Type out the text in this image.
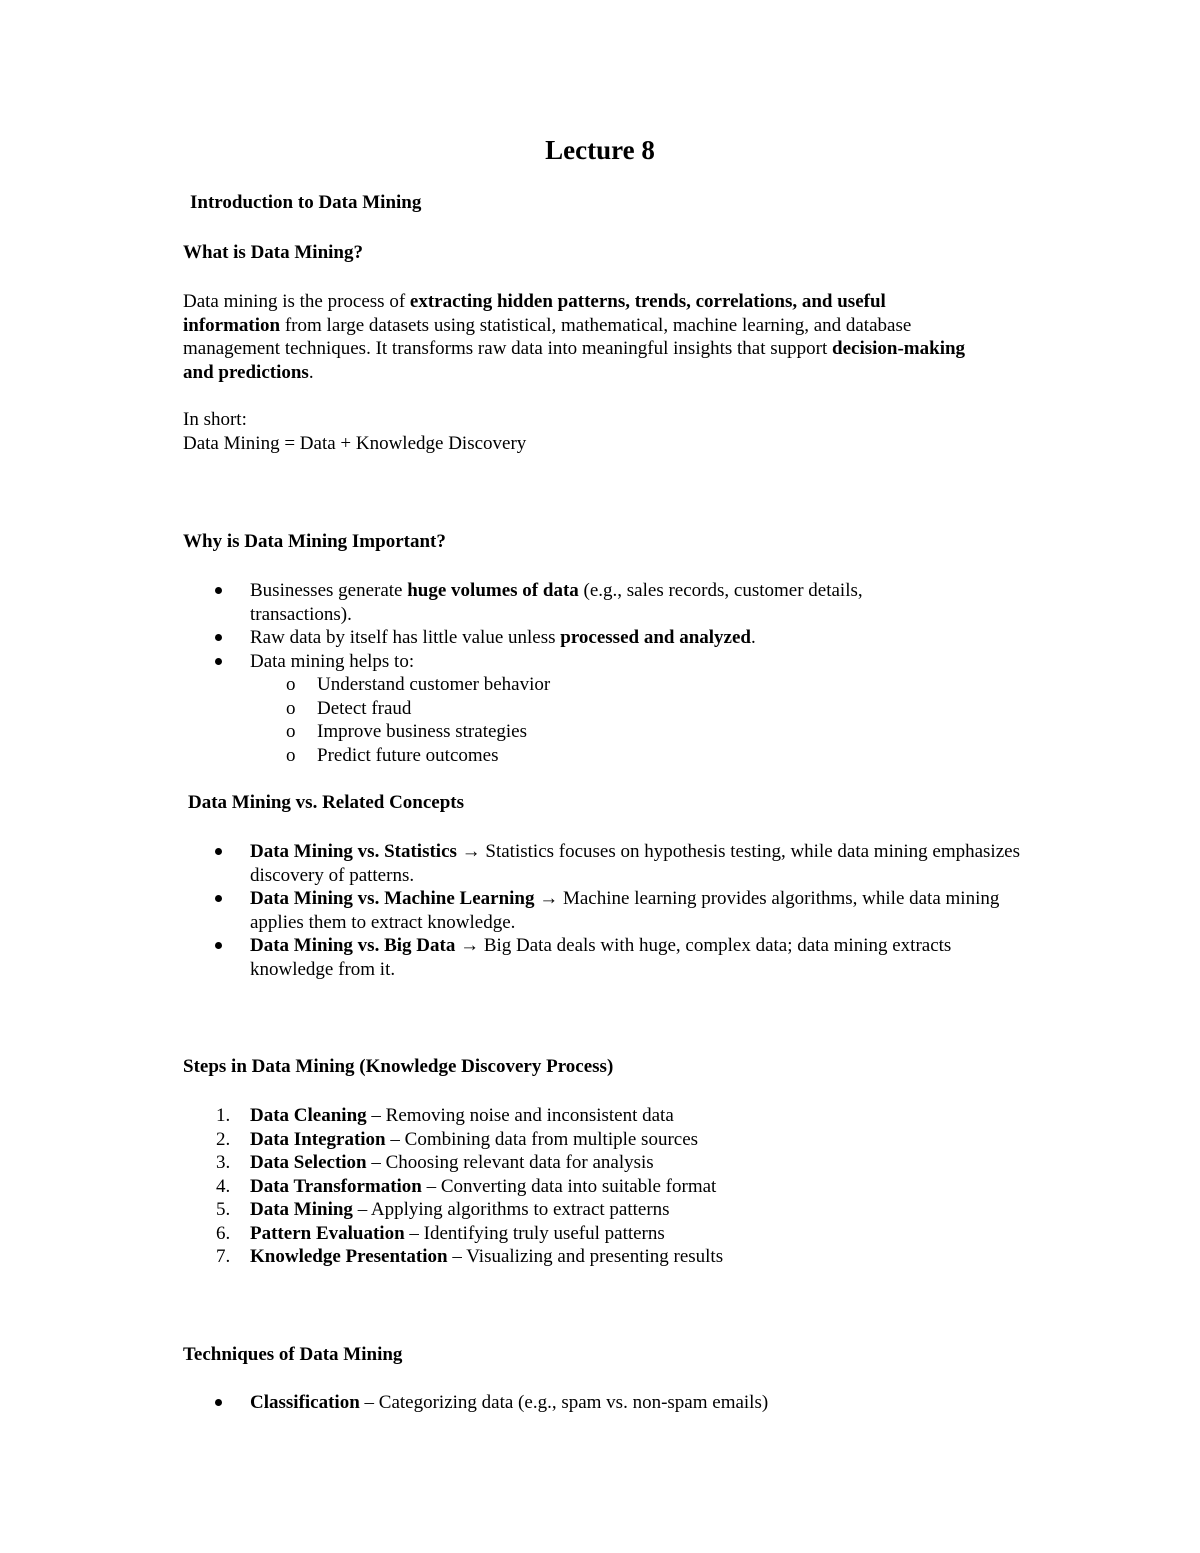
Lecture 8
Introduction to Data Mining
What is Data Mining?

Data mining is the process of extracting hidden patterns, trends, correlations, and useful information from large datasets using statistical, mathematical, machine learning, and database management techniques. It transforms raw data into meaningful insights that support decision-making and predictions.

In short:

Data Mining = Data + Knowledge Discovery

Why is Data Mining Important?
Businesses generate huge volumes of data (e.g., sales records, customer details, transactions).
Raw data by itself has little value unless processed and analyzed.
Data mining helps to:
o Understand customer behavior
o Detect fraud
o Improve business strategies
o Predict future outcomes
Data Mining vs. Related Concepts
Data Mining vs. Statistics → Statistics focuses on hypothesis testing, while data mining emphasizes discovery of patterns.
Data Mining vs. Machine Learning → Machine learning provides algorithms, while data mining applies them to extract knowledge.
Data Mining vs. Big Data → Big Data deals with huge, complex data; data mining extracts knowledge from it.
Steps in Data Mining (Knowledge Discovery Process)
1. Data Cleaning – Removing noise and inconsistent data
2. Data Integration – Combining data from multiple sources
3. Data Selection – Choosing relevant data for analysis
4. Data Transformation – Converting data into suitable format
5. Data Mining – Applying algorithms to extract patterns
6. Pattern Evaluation – Identifying truly useful patterns
7. Knowledge Presentation – Visualizing and presenting results
Techniques of Data Mining
Classification – Categorizing data (e.g., spam vs. non-spam emails)
